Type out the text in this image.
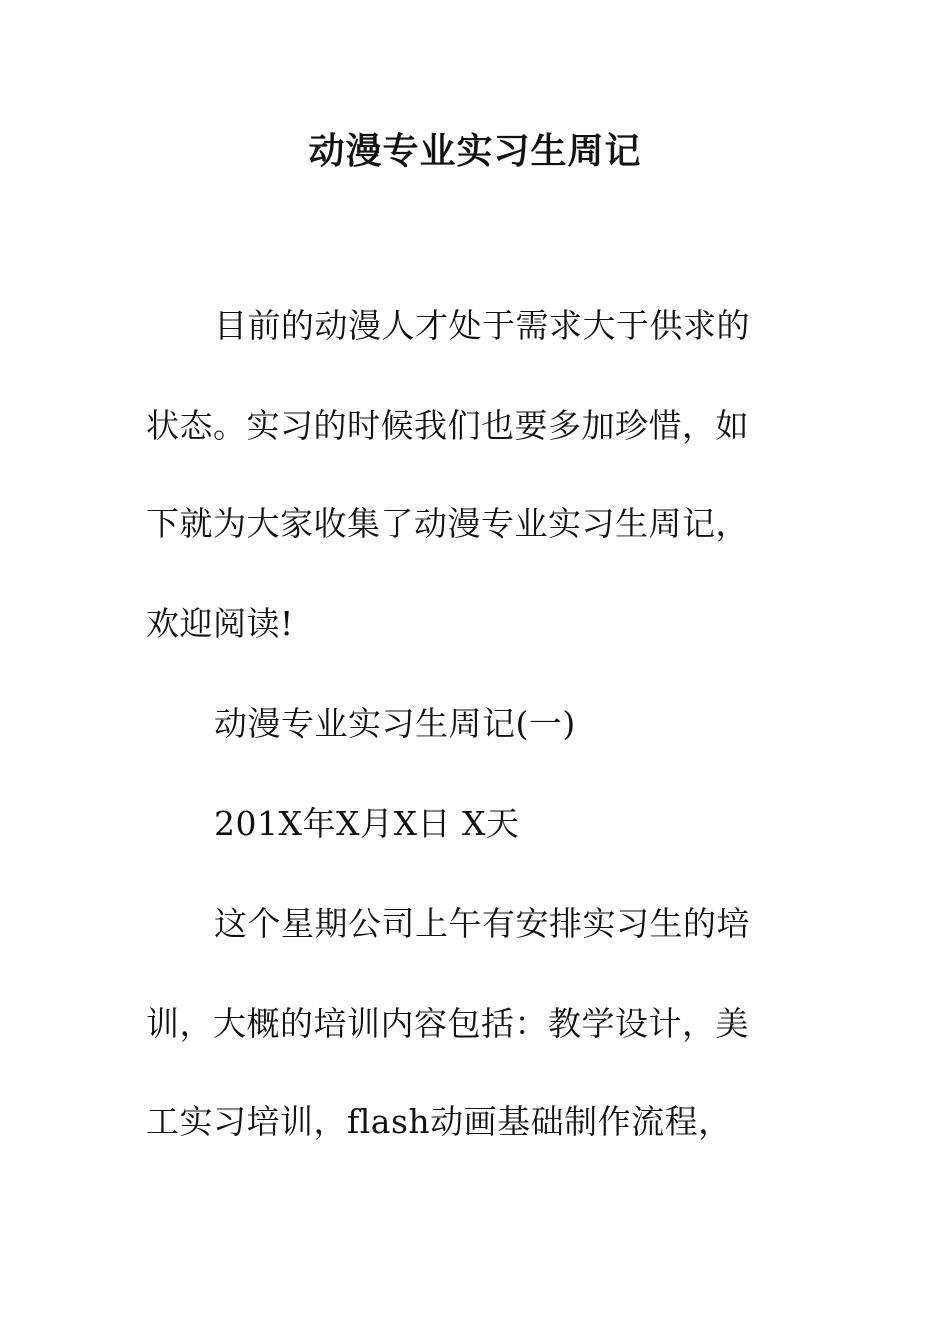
动漫专业实习生周记
目前的动漫人才处于需求大于供求的
状态。实习的时候我们也要多加珍惜，如
下就为大家收集了动漫专业实习生周记，
欢迎阅读!
动漫专业实习生周记(一)
201X年X月X日 X天
这个星期公司上午有安排实习生的培
训，大概的培训内容包括：教学设计，美
工实习培训，flash动画基础制作流程，
